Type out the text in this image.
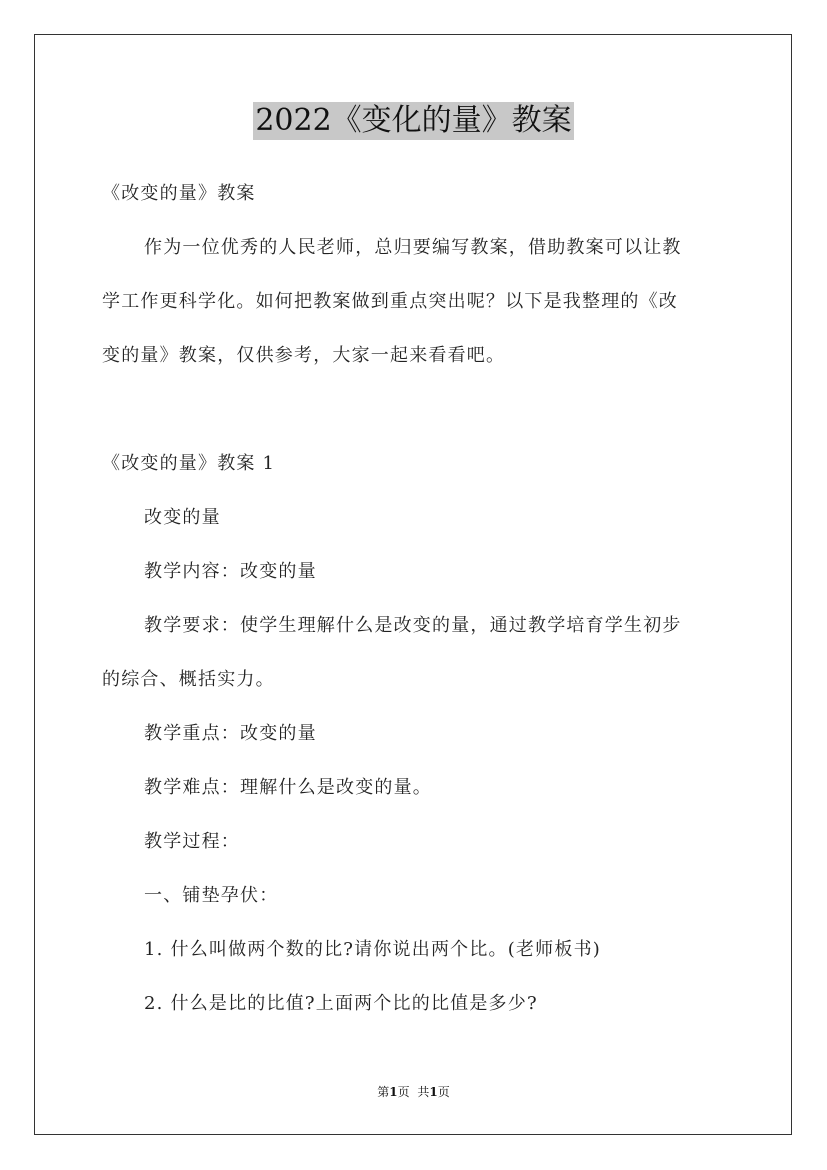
2022《变化的量》教案
《改变的量》教案
作为一位优秀的人民老师，总归要编写教案，借助教案可以让教
学工作更科学化。如何把教案做到重点突出呢？以下是我整理的《改
变的量》教案，仅供参考，大家一起来看看吧。
《改变的量》教案 1
改变的量
教学内容：改变的量
教学要求：使学生理解什么是改变的量，通过教学培育学生初步
的综合、概括实力。
教学重点：改变的量
教学难点：理解什么是改变的量。
教学过程：
一、铺垫孕伏：
1. 什么叫做两个数的比?请你说出两个比。(老师板书)
2. 什么是比的比值?上面两个比的比值是多少?
第1页 共1页
